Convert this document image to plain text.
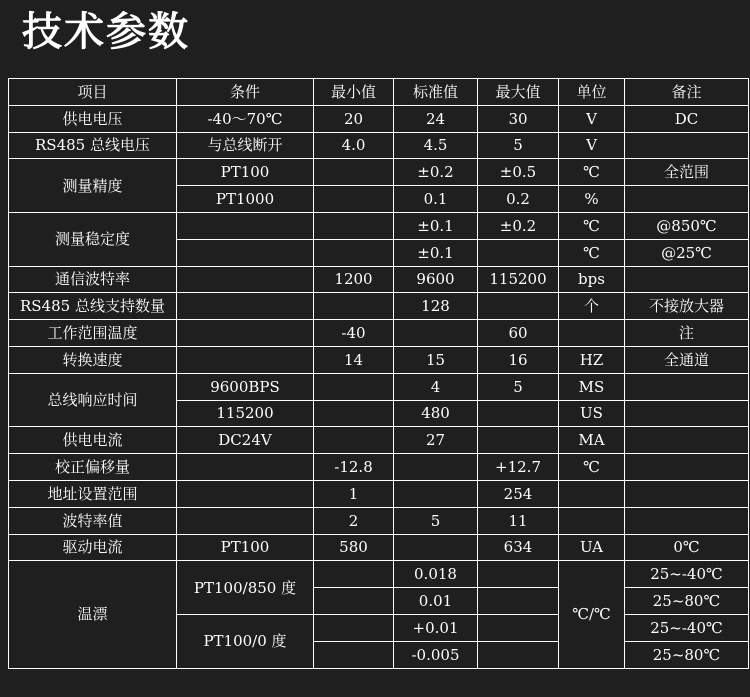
技术参数
项目	条件	最小值	标准值	最大值	单位	备注
供电电压	-40～70℃	20	24	30	V	DC
RS485 总线电压	与总线断开	4.0	4.5	5	V	
测量精度	PT100		±0.2	±0.5	℃	全范围
	PT1000		0.1	0.2	%	
测量稳定度			±0.1	±0.2	℃	@850℃
			±0.1		℃	@25℃
通信波特率		1200	9600	115200	bps	
RS485 总线支持数量			128		个	不接放大器
工作范围温度		-40		60		注
转换速度		14	15	16	HZ	全通道
总线响应时间	9600BPS		4	5	MS	
	115200		480		US	
供电电流	DC24V		27		MA	
校正偏移量		-12.8		+12.7	℃	
地址设置范围		1		254		
波特率值		2	5	11		
驱动电流	PT100	580		634	UA	0℃
温漂	PT100/850 度		0.018		℃/℃	25~-40℃
			0.01			25~80℃
	PT100/0 度		+0.01			25~-40℃
			-0.005			25~80℃
